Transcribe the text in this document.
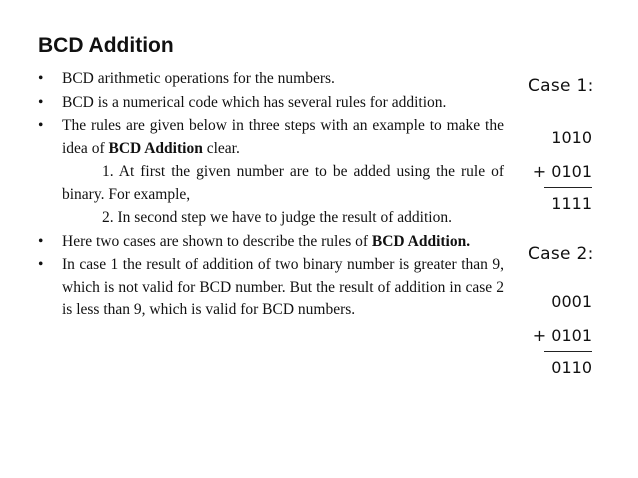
BCD Addition

• BCD arithmetic operations for the numbers.

• BCD is a numerical code which has several rules for addition.

• The rules are given below in three steps with an example to make the idea of BCD Addition clear.

1. At first the given number are to be added using the rule of binary. For example,

2. In second step we have to judge the result of addition.

• Here two cases are shown to describe the rules of BCD Addition.

• In case 1 the result of addition of two binary number is greater than 9, which is not valid for BCD number. But the result of addition in case 2 is less than 9, which is valid for BCD numbers.

Case 1:
1010
+ 0101
1111
Case 2:
0001
+ 0101
0110
